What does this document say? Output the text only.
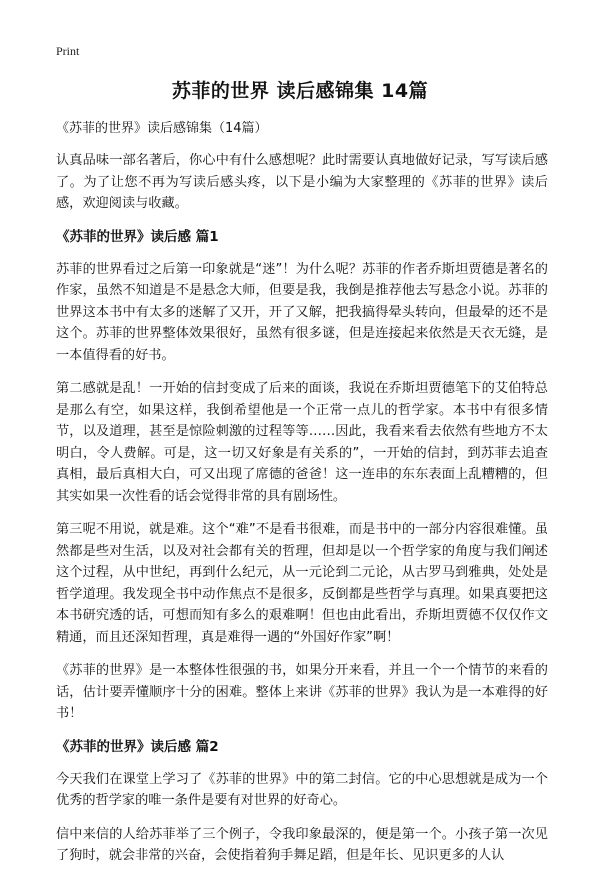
Print
苏菲的世界 读后感锦集 14篇
《苏菲的世界》读后感锦集（14篇）

认真品味一部名著后，你心中有什么感想呢？此时需要认真地做好记录，写写读后感了。为了让您不再为写读后感头疼，以下是小编为大家整理的《苏菲的世界》读后感，欢迎阅读与收藏。

《苏菲的世界》读后感 篇1

苏菲的世界看过之后第一印象就是“迷”！为什么呢？苏菲的作者乔斯坦贾德是著名的作家，虽然不知道是不是悬念大师，但要是我，我倒是推荐他去写悬念小说。苏菲的世界这本书中有太多的迷解了又开，开了又解，把我搞得晕头转向，但最晕的还不是这个。苏菲的世界整体效果很好，虽然有很多谜，但是连接起来依然是天衣无缝，是一本值得看的好书。

第二感就是乱！一开始的信封变成了后来的面谈，我说在乔斯坦贾德笔下的艾伯特总是那么有空，如果这样，我倒希望他是一个正常一点儿的哲学家。本书中有很多情节，以及道理，甚至是惊险刺激的过程等等……因此，我看来看去依然有些地方不太明白，令人费解。可是，这一切又好象是有关系的”，一开始的信封，到苏菲去追查真相，最后真相大白，可又出现了席德的爸爸！这一连串的东东表面上乱糟糟的，但其实如果一次性看的话会觉得非常的具有剧场性。

第三呢不用说，就是难。这个“难”不是看书很难，而是书中的一部分内容很难懂。虽然都是些对生活，以及对社会都有关的哲理，但却是以一个哲学家的角度与我们阐述这个过程，从中世纪，再到什么纪元，从一元论到二元论，从古罗马到雅典，处处是哲学道理。我发现全书中动作焦点不是很多，反倒都是些哲学与真理。如果真要把这本书研究透的话，可想而知有多么的艰难啊！但也由此看出，乔斯坦贾德不仅仅作文精通，而且还深知哲理，真是难得一遇的“外国好作家”啊！

《苏菲的世界》是一本整体性很强的书，如果分开来看，并且一个一个情节的来看的话，估计要弄懂顺序十分的困难。整体上来讲《苏菲的世界》我认为是一本难得的好书！

《苏菲的世界》读后感 篇2

今天我们在课堂上学习了《苏菲的世界》中的第二封信。它的中心思想就是成为一个优秀的哲学家的唯一条件是要有对世界的好奇心。

信中来信的人给苏菲举了三个例子，令我印象最深的，便是第一个。小孩子第一次见了狗时，就会非常的兴奋，会使指着狗手舞足蹈，但是年长、见识更多的人认
